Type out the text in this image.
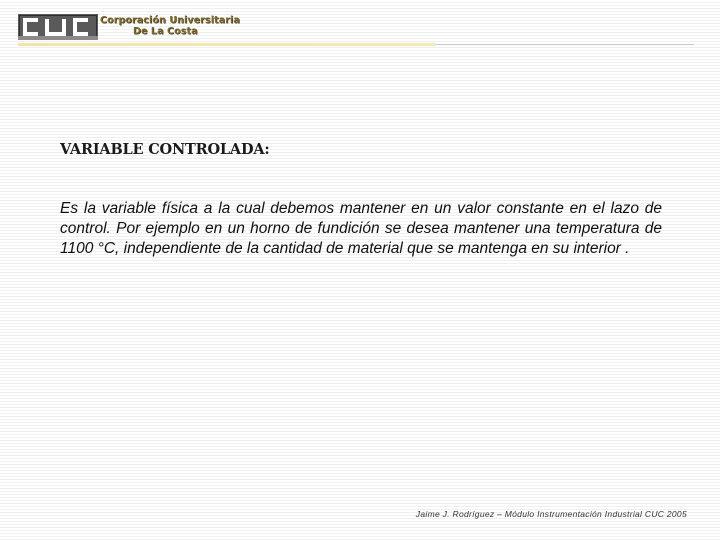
Corporación Universitaria
De La Costa
VARIABLE CONTROLADA:

Es la variable física a la cual debemos mantener en un valor constante en el lazo de control. Por ejemplo en un horno de fundición se desea mantener una temperatura de 1100 °C, independiente de la cantidad de material que se mantenga en su interior .

Jaime J. Rodríguez – Módulo Instrumentación Industrial CUC 2005
